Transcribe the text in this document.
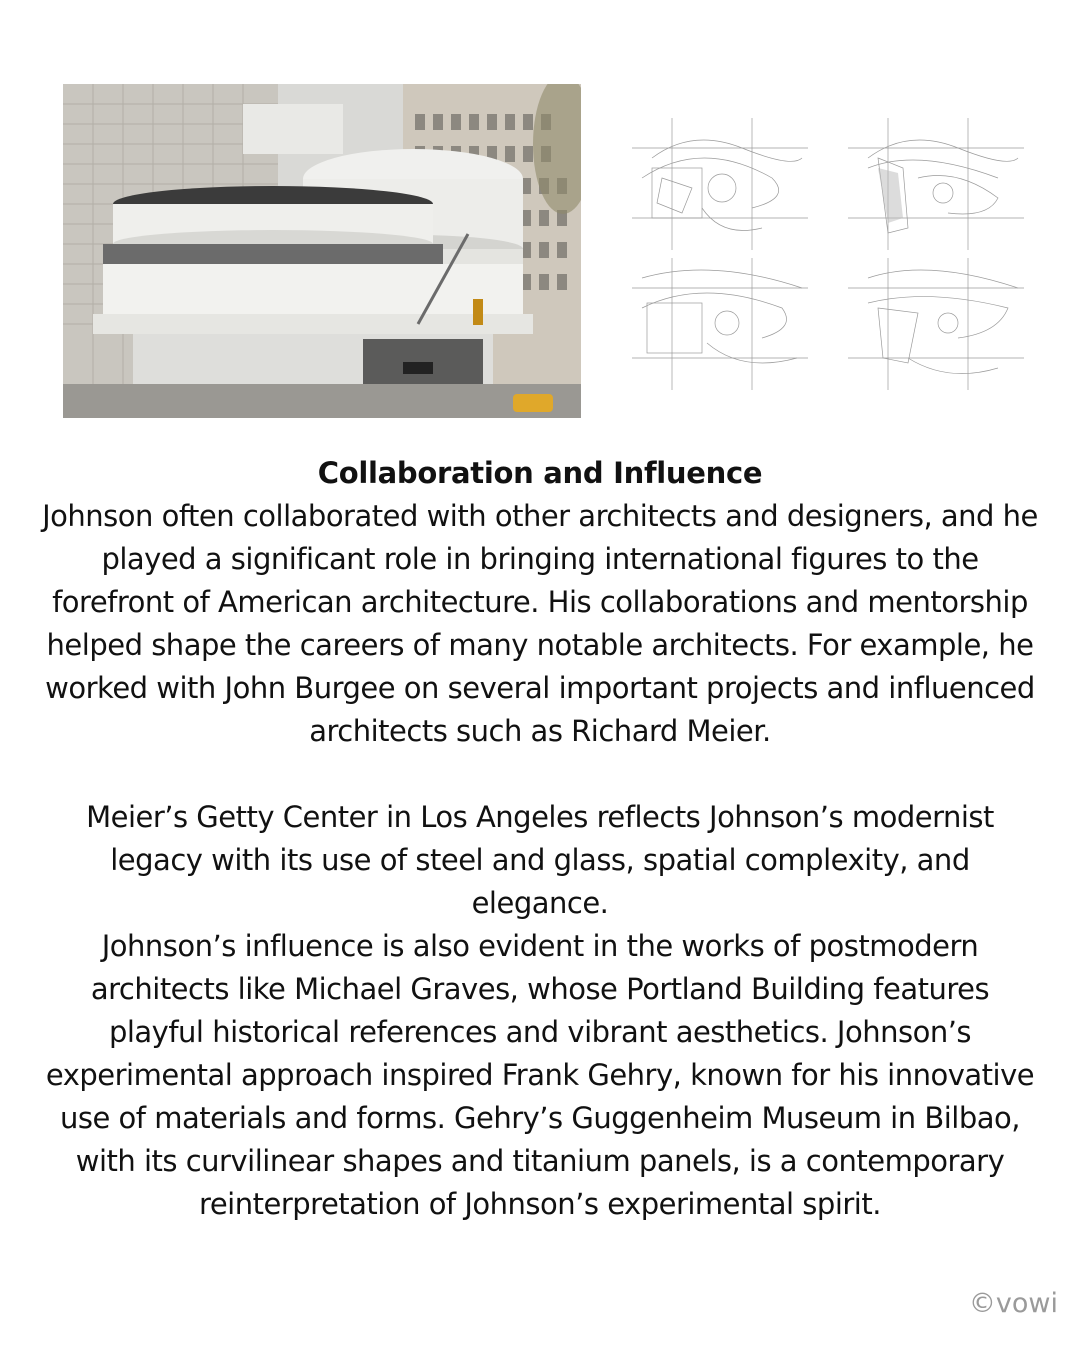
Collaboration and Influence

Johnson often collaborated with other architects and designers, and he played a significant role in bringing international figures to the forefront of American architecture. His collaborations and mentorship helped shape the careers of many notable architects. For example, he worked with John Burgee on several important projects and influenced architects such as Richard Meier.

Meier’s Getty Center in Los Angeles reflects Johnson’s modernist legacy with its use of steel and glass, spatial complexity, and elegance.

Johnson’s influence is also evident in the works of postmodern architects like Michael Graves, whose Portland Building features playful historical references and vibrant aesthetics. Johnson’s experimental approach inspired Frank Gehry, known for his innovative use of materials and forms. Gehry’s Guggenheim Museum in Bilbao, with its curvilinear shapes and titanium panels, is a contemporary reinterpretation of Johnson’s experimental spirit.

©vowi
